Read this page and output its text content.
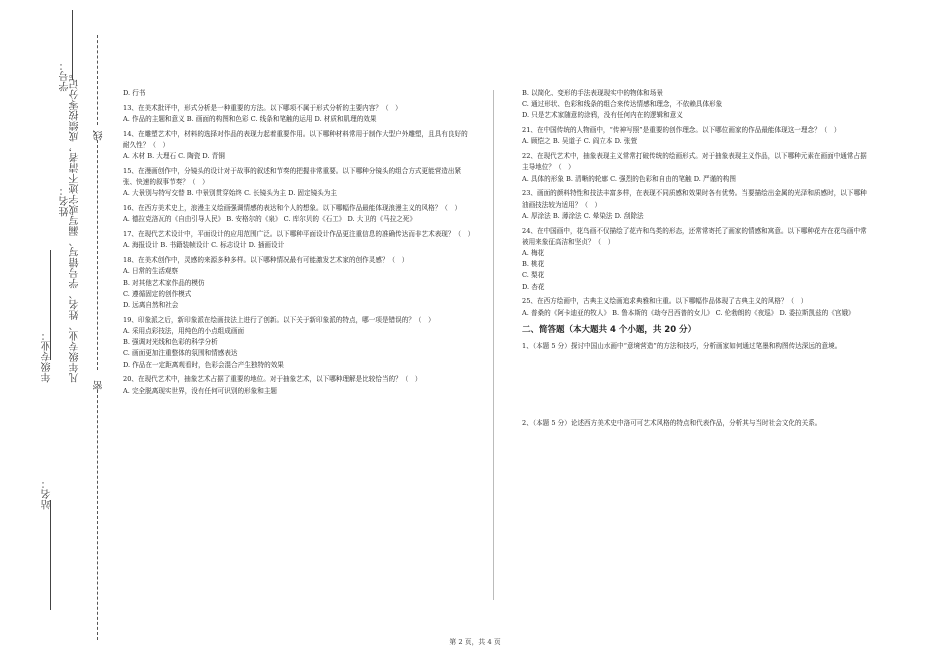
站名：
年级专业：
姓名：
学号： 凡年级专业、姓名、学号错写、漏写或字迹不清者，成绩按零分记。 线
密

D. 行书

13、在美术批评中，形式分析是一种重要的方法。以下哪项不属于形式分析的主要内容？（　）

A. 作品的主题和意义 B. 画面的构图和色彩 C. 线条和笔触的运用 D. 材质和肌理的效果

14、在雕塑艺术中，材料的选择对作品的表现力起着重要作用。以下哪种材料常用于制作大型户外雕塑，且具有良好的耐久性？（　）

A. 木材 B. 大理石 C. 陶瓷 D. 青铜

15、在漫画创作中，分镜头的设计对于故事的叙述和节奏的把握非常重要。以下哪种分镜头的组合方式更能营造出紧张、快速的叙事节奏？（　）

A. 大景别与特写交替 B. 中景别贯穿始终 C. 长镜头为主 D. 固定镜头为主

16、在西方美术史上，浪漫主义绘画强调情感的表达和个人的想象。以下哪幅作品最能体现浪漫主义的风格？（　）

A. 德拉克洛瓦的《自由引导人民》 B. 安格尔的《泉》 C. 库尔贝的《石工》 D. 大卫的《马拉之死》

17、在现代艺术设计中，平面设计的应用范围广泛。以下哪种平面设计作品更注重信息的准确传达而非艺术表现？（　）

A. 海报设计 B. 书籍装帧设计 C. 标志设计 D. 插画设计

18、在美术创作中，灵感的来源多种多样。以下哪种情况最有可能激发艺术家的创作灵感？（　）

A. 日常的生活观察

B. 对其他艺术家作品的模仿

C. 遵循固定的创作模式

D. 远离自然和社会

19、印象派之后，新印象派在绘画技法上进行了创新。以下关于新印象派的特点，哪一项是错误的？（　）

A. 采用点彩技法，用纯色的小点组成画面

B. 强调对光线和色彩的科学分析

C. 画面更加注重整体的氛围和情感表达

D. 作品在一定距离观看时，色彩会混合产生独特的效果

20、在现代艺术中，抽象艺术占据了重要的地位。对于抽象艺术，以下哪种理解是比较恰当的？（　）

A. 完全脱离现实世界，没有任何可识别的形象和主题

B. 以简化、变形的手法表现现实中的物体和场景

C. 通过形状、色彩和线条的组合来传达情感和理念，不依赖具体形象

D. 只是艺术家随意的涂鸦，没有任何内在的逻辑和意义

21、在中国传统的人物画中，“传神写照”是重要的创作理念。以下哪位画家的作品最能体现这一理念？（　）

A. 顾恺之 B. 吴道子 C. 阎立本 D. 张萱

22、在现代艺术中，抽象表现主义常常打破传统的绘画形式。对于抽象表现主义作品，以下哪种元素在画面中通常占据主导地位？（　）

A. 具体的形象 B. 清晰的轮廓 C. 强烈的色彩和自由的笔触 D. 严谨的构图

23、画面的颜料特性和技法丰富多样，在表现不同质感和效果时各有优势。当要描绘出金属的光泽和质感时，以下哪种油画技法较为适用？（　）

A. 厚涂法 B. 薄涂法 C. 晕染法 D. 刮除法

24、在中国画中，花鸟画不仅描绘了花卉和鸟类的形态，还常常寄托了画家的情感和寓意。以下哪种花卉在花鸟画中常被用来象征高洁和坚贞？（　）

A. 梅花

B. 桃花

C. 梨花

D. 杏花

25、在西方绘画中，古典主义绘画追求典雅和庄重。以下哪幅作品体现了古典主义的风格？（　）

A. 普桑的《阿卡迪亚的牧人》 B. 鲁本斯的《劫夺吕西普的女儿》 C. 伦勃朗的《夜巡》 D. 委拉斯凯兹的《宫娥》

二、简答题（本大题共 4 个小题，共 20 分）
1、（本题 5 分）探讨中国山水画中“意境营造”的方法和技巧，分析画家如何通过笔墨和构图传达深远的意境。
2、（本题 5 分）论述西方美术史中洛可可艺术风格的特点和代表作品，分析其与当时社会文化的关系。
第 2 页，共 4 页
